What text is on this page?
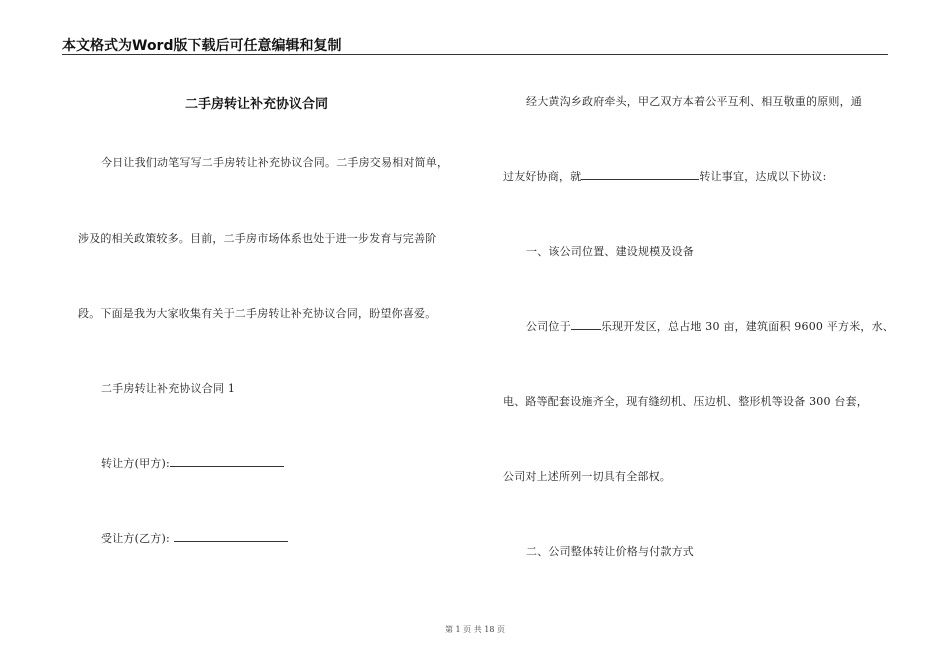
本文格式为Word版下载后可任意编辑和复制
二手房转让补充协议合同
今日让我们动笔写写二手房转让补充协议合同。二手房交易相对简单，
涉及的相关政策较多。目前，二手房市场体系也处于进一步发育与完善阶
段。下面是我为大家收集有关于二手房转让补充协议合同，盼望你喜爱。
二手房转让补充协议合同 1
转让方(甲方):
受让方(乙方):
经大黄沟乡政府牵头，甲乙双方本着公平互利、相互敬重的原则，通
过友好协商，就	转让事宜，达成以下协议:
一、该公司位置、建设规模及设备
公司位于	乐现开发区，总占地 30 亩，建筑面积 9600 平方米，水、
电、路等配套设施齐全，现有缝纫机、压边机、整形机等设备 300 台套，
公司对上述所列一切具有全部权。
二、公司整体转让价格与付款方式
第 1 页 共 18 页
